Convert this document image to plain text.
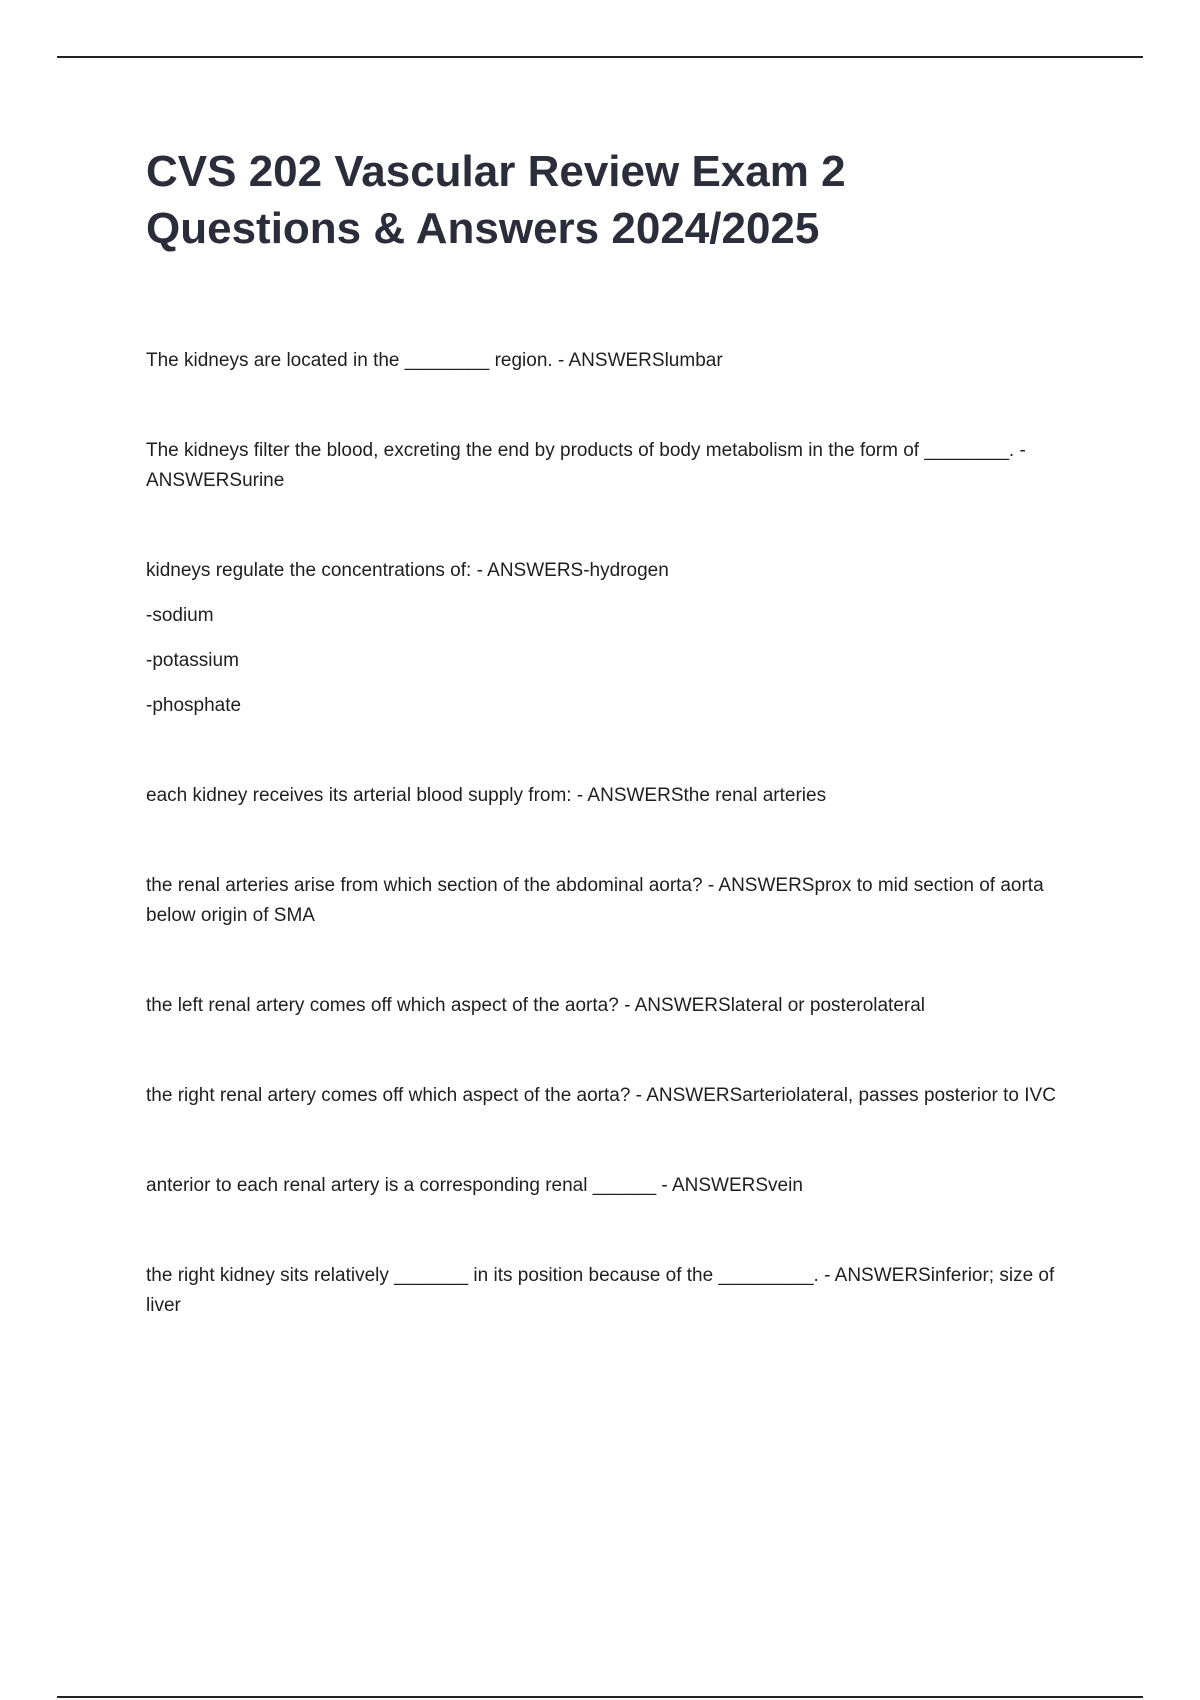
CVS 202 Vascular Review Exam 2
Questions & Answers 2024/2025

The kidneys are located in the ________ region. - ANSWERSlumbar

The kidneys filter the blood, excreting the end by products of body metabolism in the form of ________. - ANSWERSurine

kidneys regulate the concentrations of: - ANSWERS-hydrogen

-sodium

-potassium

-phosphate

each kidney receives its arterial blood supply from: - ANSWERSthe renal arteries

the renal arteries arise from which section of the abdominal aorta? - ANSWERSprox to mid section of aorta below origin of SMA

the left renal artery comes off which aspect of the aorta? - ANSWERSlateral or posterolateral

the right renal artery comes off which aspect of the aorta? - ANSWERSarteriolateral, passes posterior to IVC

anterior to each renal artery is a corresponding renal ______ - ANSWERSvein

the right kidney sits relatively _______ in its position because of the _________. - ANSWERSinferior; size of liver
